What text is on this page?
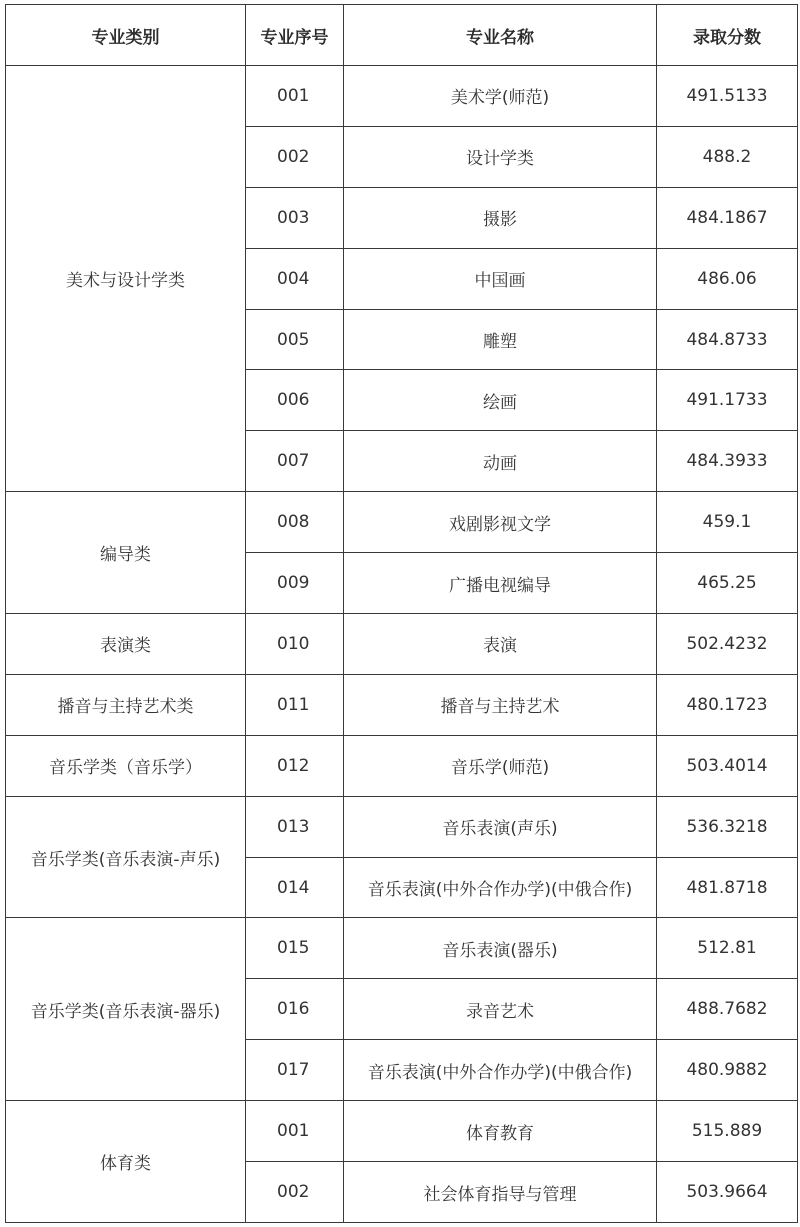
专业类别	专业序号	专业名称	录取分数
美术与设计学类	001	美术学(师范)	491.5133
	002	设计学类	488.2
	003	摄影	484.1867
	004	中国画	486.06
	005	雕塑	484.8733
	006	绘画	491.1733
	007	动画	484.3933
编导类	008	戏剧影视文学	459.1
	009	广播电视编导	465.25
表演类	010	表演	502.4232
播音与主持艺术类	011	播音与主持艺术	480.1723
音乐学类（音乐学）	012	音乐学(师范)	503.4014
音乐学类(音乐表演-声乐)	013	音乐表演(声乐)	536.3218
	014	音乐表演(中外合作办学)(中俄合作)	481.8718
音乐学类(音乐表演-器乐)	015	音乐表演(器乐)	512.81
	016	录音艺术	488.7682
	017	音乐表演(中外合作办学)(中俄合作)	480.9882
体育类	001	体育教育	515.889
	002	社会体育指导与管理	503.9664
